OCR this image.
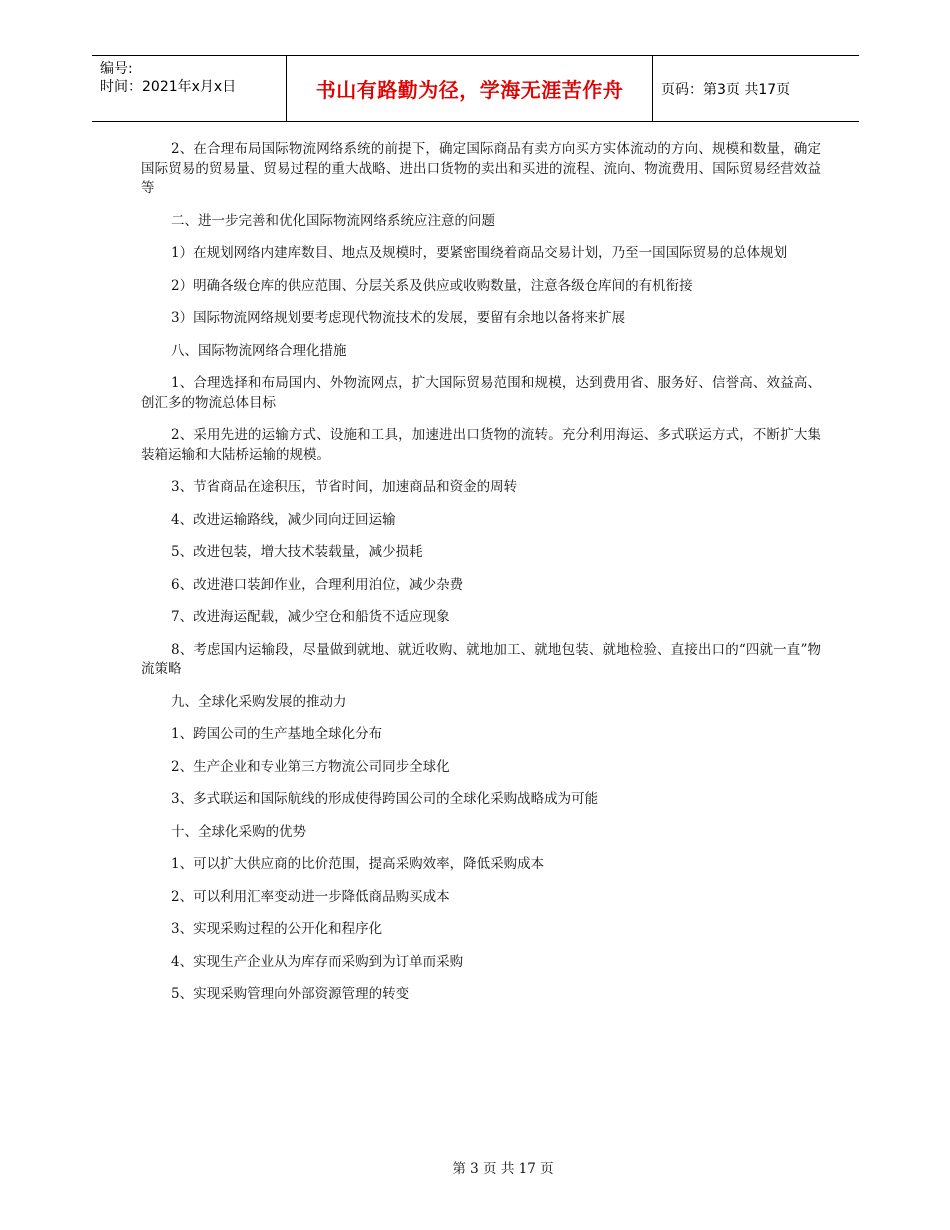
编号:
时间：2021年x月x日	书山有路勤为径，学海无涯苦作舟	页码：第3页 共17页

2、在合理布局国际物流网络系统的前提下，确定国际商品有卖方向买方实体流动的方向、规模和数量，确定国际贸易的贸易量、贸易过程的重大战略、进出口货物的卖出和买进的流程、流向、物流费用、国际贸易经营效益等

二、进一步完善和优化国际物流网络系统应注意的问题

1）在规划网络内建库数目、地点及规模时，要紧密围绕着商品交易计划，乃至一国国际贸易的总体规划

2）明确各级仓库的供应范围、分层关系及供应或收购数量，注意各级仓库间的有机衔接

3）国际物流网络规划要考虑现代物流技术的发展，要留有余地以备将来扩展

八、国际物流网络合理化措施

1、合理选择和布局国内、外物流网点，扩大国际贸易范围和规模，达到费用省、服务好、信誉高、效益高、创汇多的物流总体目标

2、采用先进的运输方式、设施和工具，加速进出口货物的流转。充分利用海运、多式联运方式，不断扩大集装箱运输和大陆桥运输的规模。

3、节省商品在途积压，节省时间，加速商品和资金的周转

4、改进运输路线，减少同向迂回运输

5、改进包装，增大技术装载量，减少损耗

6、改进港口装卸作业，合理利用泊位，减少杂费

7、改进海运配载，减少空仓和船货不适应现象

8、考虑国内运输段，尽量做到就地、就近收购、就地加工、就地包装、就地检验、直接出口的“四就一直”物流策略

九、全球化采购发展的推动力

1、跨国公司的生产基地全球化分布

2、生产企业和专业第三方物流公司同步全球化

3、多式联运和国际航线的形成使得跨国公司的全球化采购战略成为可能

十、全球化采购的优势

1、可以扩大供应商的比价范围，提高采购效率，降低采购成本

2、可以利用汇率变动进一步降低商品购买成本

3、实现采购过程的公开化和程序化

4、实现生产企业从为库存而采购到为订单而采购

5、实现采购管理向外部资源管理的转变

第 3 页 共 17 页
